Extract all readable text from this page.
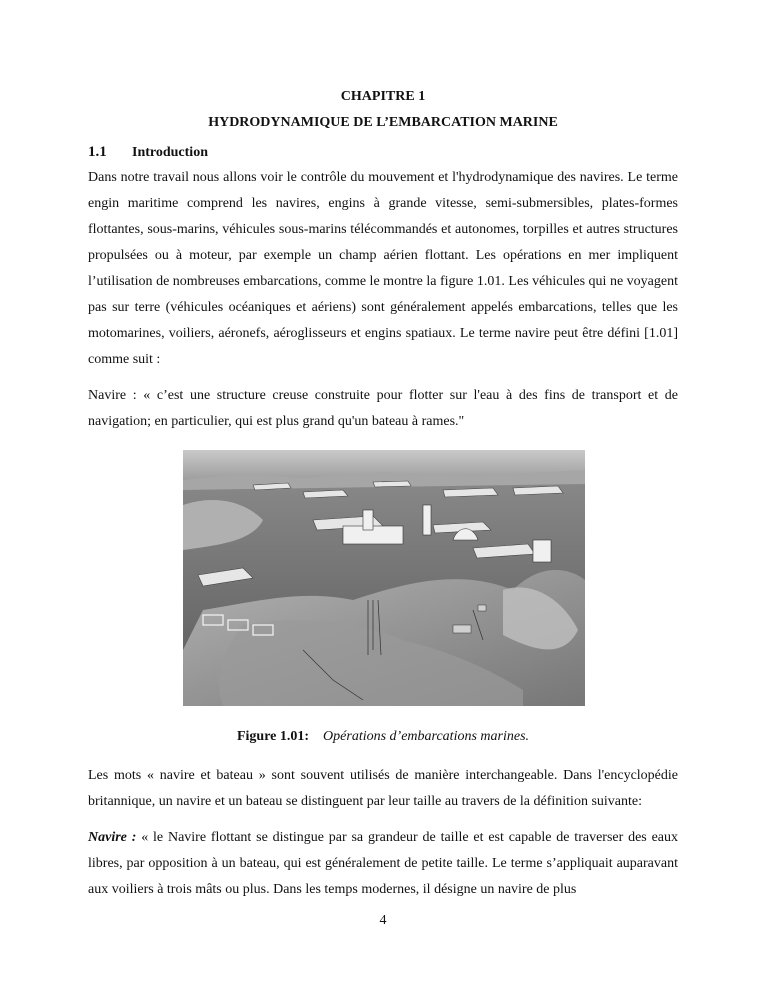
CHAPITRE 1
HYDRODYNAMIQUE DE L’EMBARCATION MARINE
1.1 Introduction

Dans notre travail nous allons voir le contrôle du mouvement et l'hydrodynamique des navires. Le terme engin maritime comprend les navires, engins à grande vitesse, semi-submersibles, plates-formes flottantes, sous-marins, véhicules sous-marins télécommandés et autonomes, torpilles et autres structures propulsées ou à moteur, par exemple un champ aérien flottant. Les opérations en mer impliquent l’utilisation de nombreuses embarcations, comme le montre la figure 1.01. Les véhicules qui ne voyagent pas sur terre (véhicules océaniques et aériens) sont généralement appelés embarcations, telles que les motomarines, voiliers, aéronefs, aéroglisseurs et engins spatiaux. Le terme navire peut être défini [1.01] comme suit :

Navire : « c’est une structure creuse construite pour flotter sur l'eau à des fins de transport et de navigation; en particulier, qui est plus grand qu'un bateau à rames."

Figure 1.01: Opérations d’embarcations marines.

Les mots « navire et bateau » sont souvent utilisés de manière interchangeable. Dans l'encyclopédie britannique, un navire et un bateau se distinguent par leur taille au travers de la définition suivante:

Navire : « le Navire flottant se distingue par sa grandeur de taille et est capable de traverser des eaux libres, par opposition à un bateau, qui est généralement de petite taille. Le terme s’appliquait auparavant aux voiliers à trois mâts ou plus. Dans les temps modernes, il désigne un navire de plus

4
